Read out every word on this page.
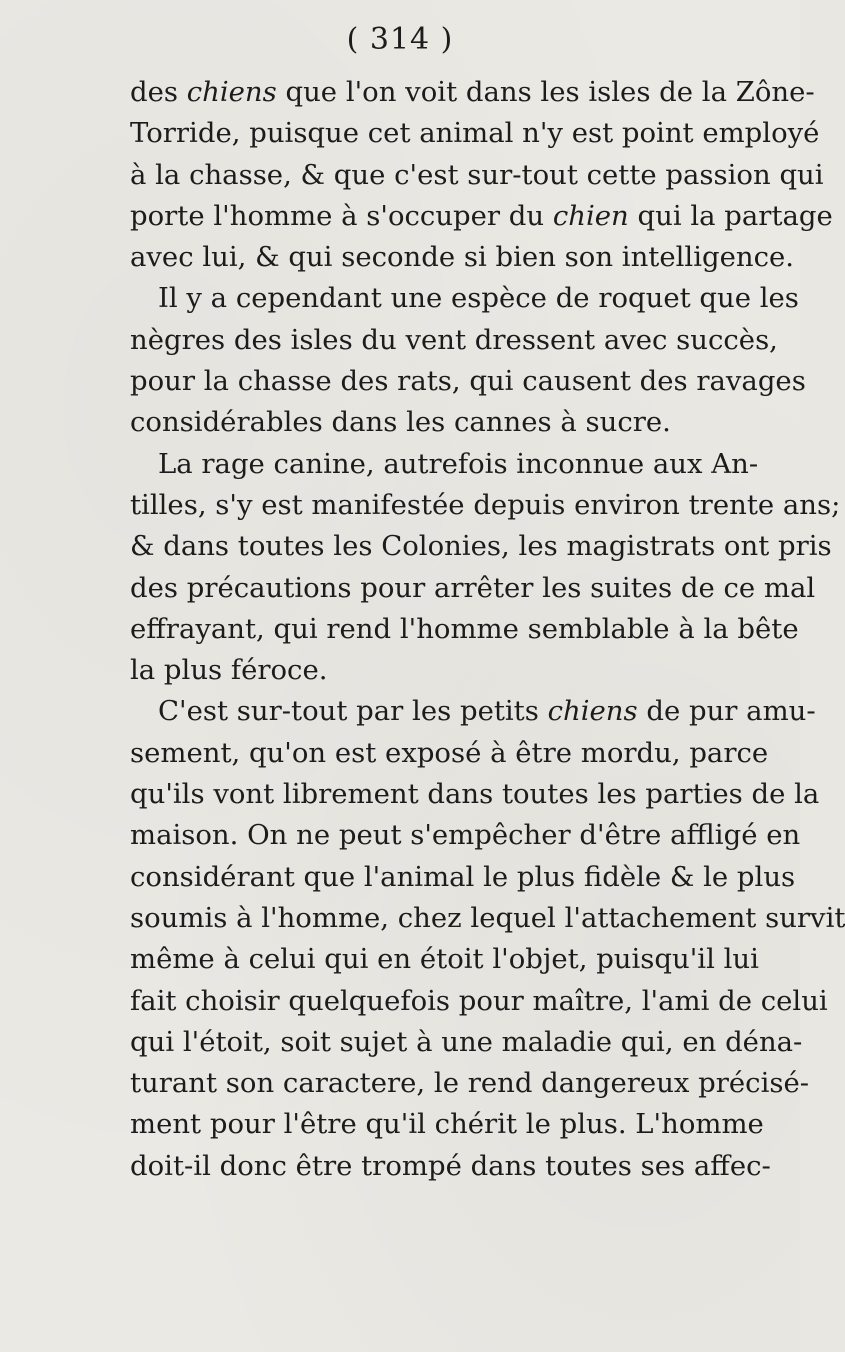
( 314 )
des chiens que l'on voit dans les isles de la Zône-
Torride, puisque cet animal n'y est point employé
à la chasse, & que c'est sur-tout cette passion qui
porte l'homme à s'occuper du chien qui la partage
avec lui, & qui seconde si bien son intelligence.
Il y a cependant une espèce de roquet que les
nègres des isles du vent dressent avec succès,
pour la chasse des rats, qui causent des ravages
considérables dans les cannes à sucre.
La rage canine, autrefois inconnue aux An-
tilles, s'y est manifestée depuis environ trente ans;
& dans toutes les Colonies, les magistrats ont pris
des précautions pour arrêter les suites de ce mal
effrayant, qui rend l'homme semblable à la bête
la plus féroce.
C'est sur-tout par les petits chiens de pur amu-
sement, qu'on est exposé à être mordu, parce
qu'ils vont librement dans toutes les parties de la
maison. On ne peut s'empêcher d'être affligé en
considérant que l'animal le plus fidèle & le plus
soumis à l'homme, chez lequel l'attachement survit
même à celui qui en étoit l'objet, puisqu'il lui
fait choisir quelquefois pour maître, l'ami de celui
qui l'étoit, soit sujet à une maladie qui, en déna-
turant son caractere, le rend dangereux précisé-
ment pour l'être qu'il chérit le plus. L'homme
doit-il donc être trompé dans toutes ses affec-
